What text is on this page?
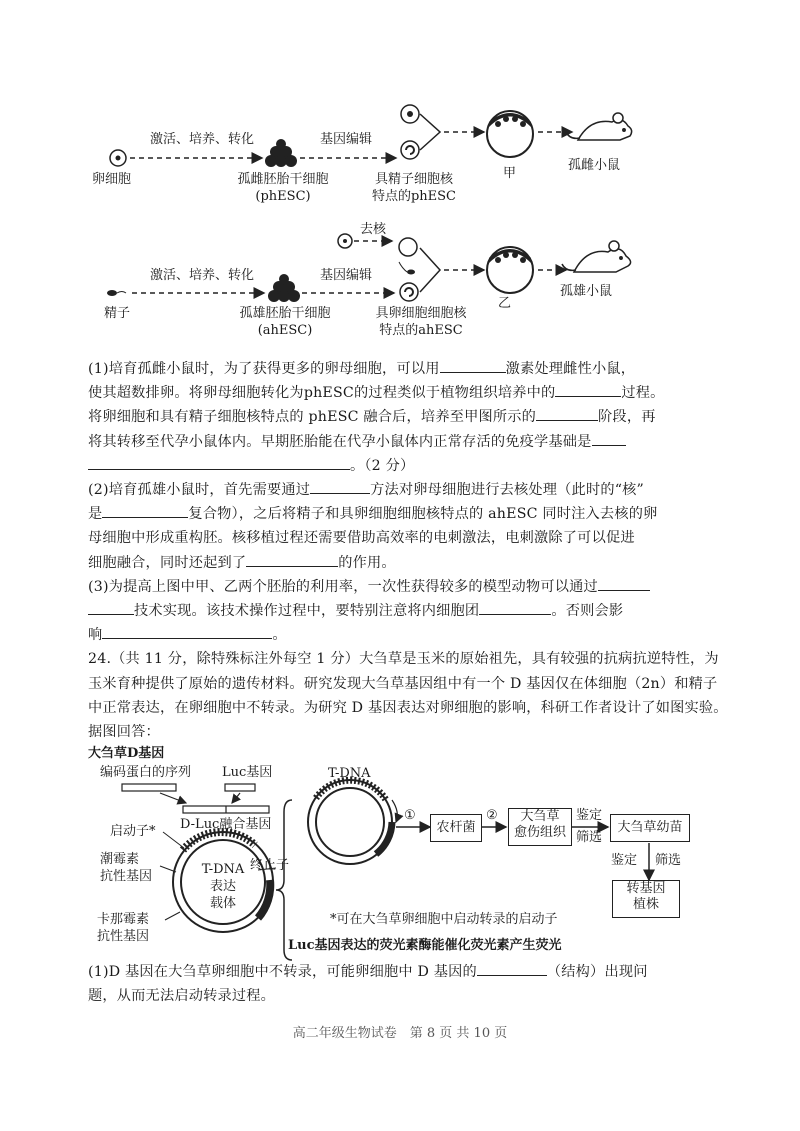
卵细胞
激活、培养、转化
孤雌胚胎干细胞
(phESC)
基因编辑
具精子细胞核
特点的phESC
甲
孤雌小鼠
精子
去核
激活、培养、转化
孤雄胚胎干细胞
(ahESC)
基因编辑
具卵细胞细胞核
特点的ahESC
乙
孤雄小鼠

(1)培育孤雌小鼠时，为了获得更多的卵母细胞，可以用	激素处理雌性小鼠，

使其超数排卵。将卵母细胞转化为phESC的过程类似于植物组织培养中的	过程。

将卵细胞和具有精子细胞核特点的 phESC 融合后，培养至甲图所示的	阶段，再

将其转移至代孕小鼠体内。早期胚胎能在代孕小鼠体内正常存活的免疫学基础是

。（2 分）

(2)培育孤雄小鼠时，首先需要通过	方法对卵母细胞进行去核处理（此时的“核”

是	复合物），之后将精子和具卵细胞细胞核特点的 ahESC 同时注入去核的卵

母细胞中形成重构胚。核移植过程还需要借助高效率的电刺激法，电刺激除了可以促进

细胞融合，同时还起到了	的作用。

(3)为提高上图中甲、乙两个胚胎的利用率，一次性获得较多的模型动物可以通过

技术实现。该技术操作过程中，要特别注意将内细胞团	。否则会影

响	。

24.（共 11 分，除特殊标注外每空 1 分）大刍草是玉米的原始祖先，具有较强的抗病抗逆特性，为玉米育种提供了原始的遗传材料。研究发现大刍草基因组中有一个 D 基因仅在体细胞（2n）和精子中正常表达，在卵细胞中不转录。为研究 D 基因表达对卵细胞的影响，科研工作者设计了如图实验。据图回答：

大刍草D基因
编码蛋白的序列 Luc基因
D-Luc融合基因
启动子*
潮霉素
抗性基因
卡那霉素
抗性基因
终止子
T-DNA
表达
载体
T-DNA
①	②
农杆菌
大刍草
愈伤组织
鉴定
筛选
大刍草幼苗
鉴定 筛选
转基因
植株
*可在大刍草卵细胞中启动转录的启动子
Luc基因表达的荧光素酶能催化荧光素产生荧光

(1)D 基因在大刍草卵细胞中不转录，可能卵细胞中 D 基因的	（结构）出现问

题，从而无法启动转录过程。

高二年级生物试卷　第 8 页 共 10 页
